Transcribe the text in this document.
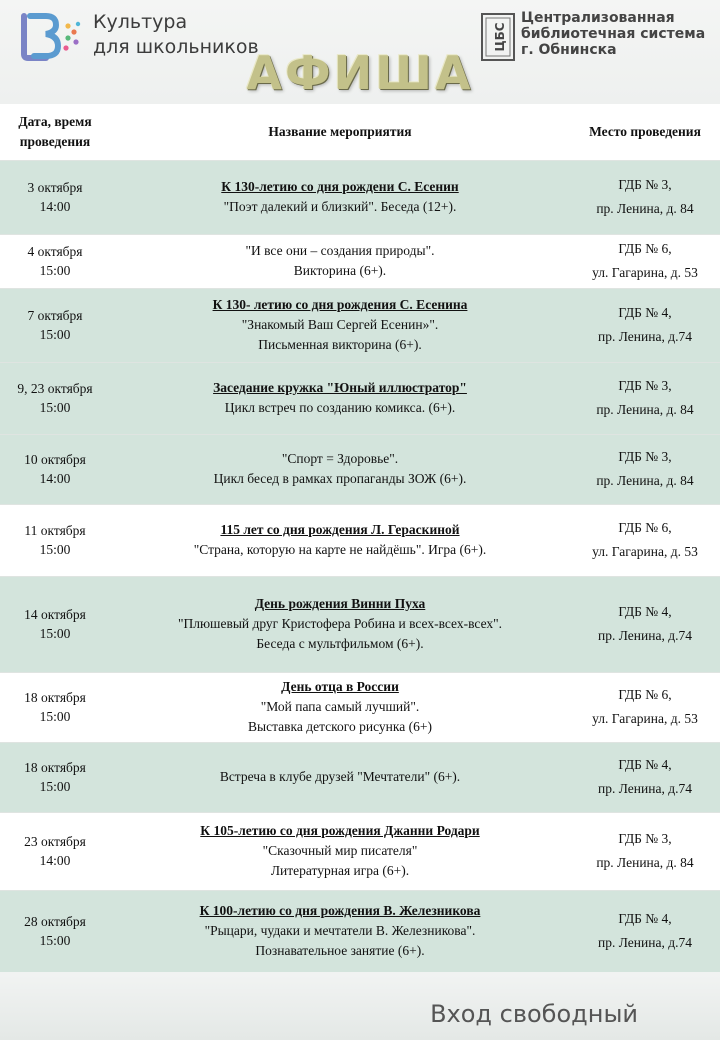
Культура
для школьников	ЦБС
Централизованная
библиотечная система
г. Обнинска
АФИША
Дата, время
проведения	Название мероприятия	Место проведения

3 октября
14:00	К 130-летию со дня рождени С. Есенин
"Поэт далекий и близкий". Беседа (12+).	ГДБ № 3,
пр. Ленина, д. 84

4 октября
15:00	"И все они – создания природы".
Викторина (6+).	ГДБ № 6,
ул. Гагарина, д. 53

7 октября
15:00	К 130- летию со дня рождения С. Есенина
"Знакомый Ваш Сергей Есенин»".
Письменная викторина (6+).	ГДБ № 4,
пр. Ленина, д.74

9, 23 октября
15:00	Заседание кружка "Юный иллюстратор"
Цикл встреч по созданию комикса. (6+).	ГДБ № 3,
пр. Ленина, д. 84

10 октября
14:00	"Спорт = Здоровье".
Цикл бесед в рамках пропаганды ЗОЖ (6+).	ГДБ № 3,
пр. Ленина, д. 84

11 октября
15:00	115 лет со дня рождения Л. Гераскиной
"Страна, которую на карте не найдёшь". Игра (6+).	ГДБ № 6,
ул. Гагарина, д. 53

14 октября
15:00	День рождения Винни Пуха
"Плюшевый друг Кристофера Робина и всех-всех-всех".
Беседа с мультфильмом (6+).	ГДБ № 4,
пр. Ленина, д.74

18 октября
15:00	День отца в России
"Мой папа самый лучший".
Выставка детского рисунка (6+)	ГДБ № 6,
ул. Гагарина, д. 53

18 октября
15:00	Встреча в клубе друзей "Мечтатели" (6+).	ГДБ № 4,
пр. Ленина, д.74

23 октября
14:00	К 105-летию со дня рождения Джанни Родари
"Сказочный мир писателя"
Литературная игра (6+).	ГДБ № 3,
пр. Ленина, д. 84

28 октября
15:00	К 100-летию со дня рождения В. Железникова
"Рыцари, чудаки и мечтатели В. Железникова".
Познавательное занятие (6+).	ГДБ № 4,
пр. Ленина, д.74
Вход свободный
